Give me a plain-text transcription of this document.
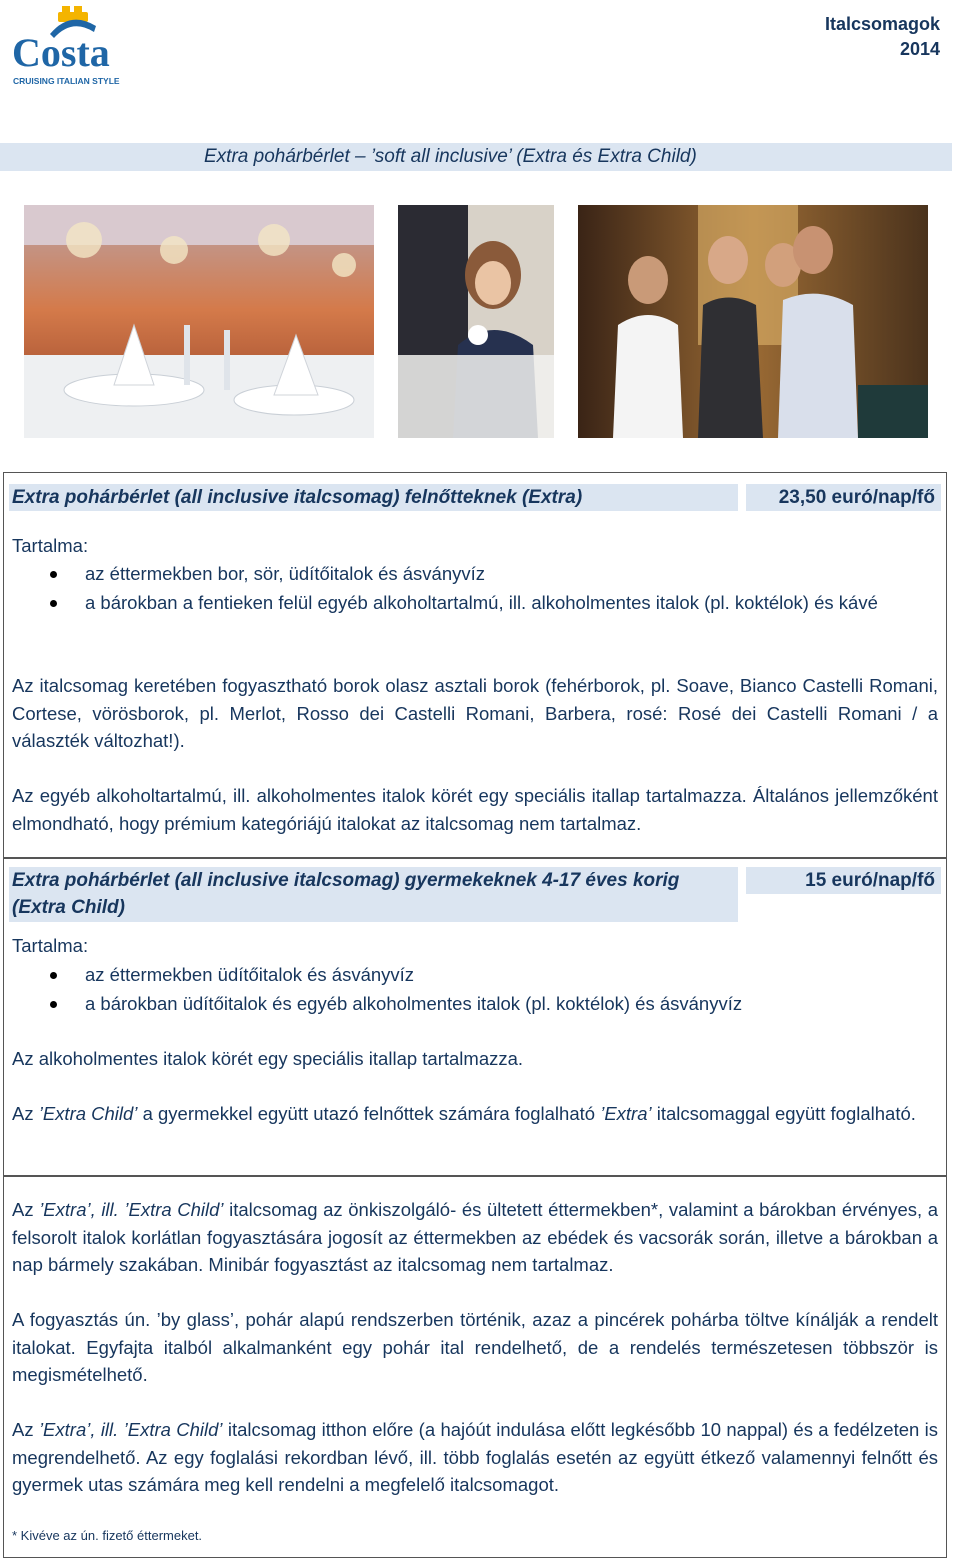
Costa
CRUISING ITALIAN STYLE
Italcsomagok
2014
Extra pohárbérlet – ’soft all inclusive’ (Extra és Extra Child)
Extra pohárbérlet (all inclusive italcsomag) felnőtteknek (Extra)	23,50 euró/nap/fő
Tartalma:
az éttermekben bor, sör, üdítőitalok és ásványvíz
a bárokban a fentieken felül egyéb alkoholtartalmú, ill. alkoholmentes italok (pl. koktélok) és kávé
Az italcsomag keretében fogyasztható borok olasz asztali borok (fehérborok, pl. Soave, Bianco Castelli Romani, Cortese, vörösborok, pl. Merlot, Rosso dei Castelli Romani, Barbera, rosé: Rosé dei Castelli Romani / a választék változhat!).
Az egyéb alkoholtartalmú, ill. alkoholmentes italok körét egy speciális itallap tartalmazza. Általános jellemzőként elmondható, hogy prémium kategóriájú italokat az italcsomag nem tartalmaz.
Extra pohárbérlet (all inclusive italcsomag) gyermekeknek 4-17 éves korig
(Extra Child)
15 euró/nap/fő
Tartalma:
az éttermekben üdítőitalok és ásványvíz
a bárokban üdítőitalok és egyéb alkoholmentes italok (pl. koktélok) és ásványvíz
Az alkoholmentes italok körét egy speciális itallap tartalmazza.
Az ’Extra Child’ a gyermekkel együtt utazó felnőttek számára foglalható ’Extra’ italcsomaggal együtt foglalható.
Az ’Extra’, ill. ’Extra Child’ italcsomag az önkiszolgáló- és ültetett éttermekben*, valamint a bárokban érvényes, a felsorolt italok korlátlan fogyasztására jogosít az éttermekben az ebédek és vacsorák során, illetve a bárokban a nap bármely szakában. Minibár fogyasztást az italcsomag nem tartalmaz.
A fogyasztás ún. ’by glass’, pohár alapú rendszerben történik, azaz a pincérek pohárba töltve kínálják a rendelt italokat. Egyfajta italból alkalmanként egy pohár ital rendelhető, de a rendelés természetesen többször is megismételhető.
Az ’Extra’, ill. ’Extra Child’ italcsomag itthon előre (a hajóút indulása előtt legkésőbb 10 nappal) és a fedélzeten is megrendelhető. Az egy foglalási rekordban lévő, ill. több foglalás esetén az együtt étkező valamennyi felnőtt és gyermek utas számára meg kell rendelni a megfelelő italcsomagot.
* Kivéve az ún. fizető éttermeket.
